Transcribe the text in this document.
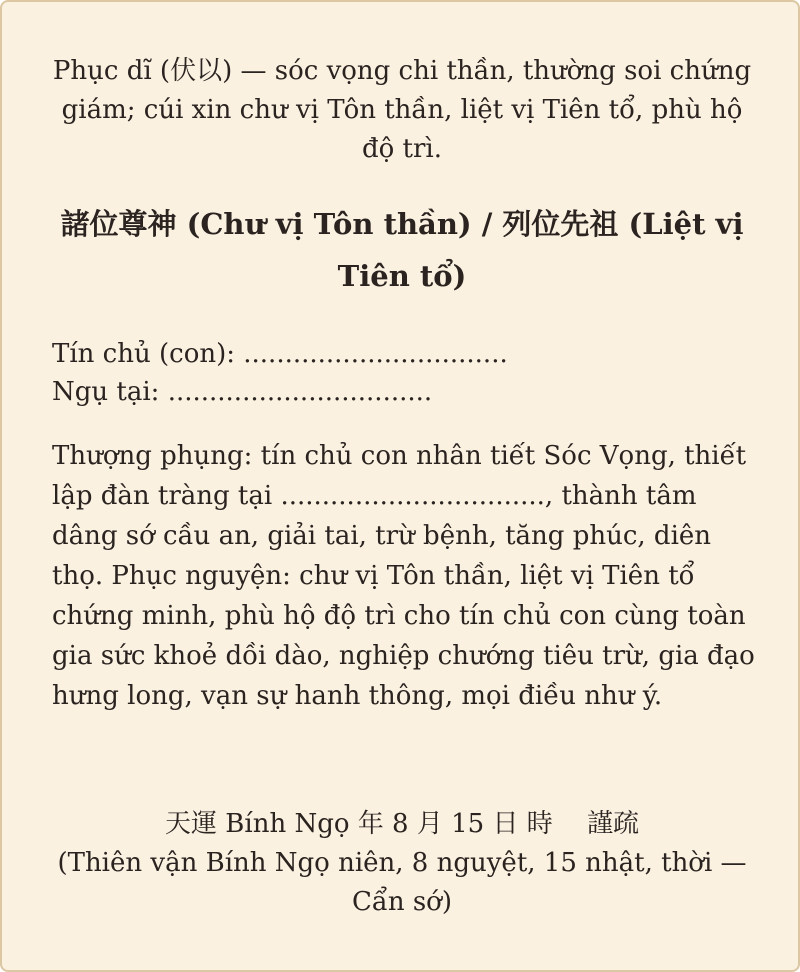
Phục dĩ (伏以) — sóc vọng chi thần, thường soi chứng giám; cúi xin chư vị Tôn thần, liệt vị Tiên tổ, phù hộ độ trì.
諸位尊神 (Chư vị Tôn thần) / 列位先祖 (Liệt vị Tiên tổ)
Tín chủ (con): ................................
Ngụ tại: ................................
Thượng phụng: tín chủ con nhân tiết Sóc Vọng, thiết lập đàn tràng tại ................................, thành tâm dâng sớ cầu an, giải tai, trừ bệnh, tăng phúc, diên thọ. Phục nguyện: chư vị Tôn thần, liệt vị Tiên tổ chứng minh, phù hộ độ trì cho tín chủ con cùng toàn gia sức khoẻ dồi dào, nghiệp chướng tiêu trừ, gia đạo hưng long, vạn sự hanh thông, mọi điều như ý.
天運 Bính Ngọ 年 8 月 15 日 時 　謹疏
(Thiên vận Bính Ngọ niên, 8 nguyệt, 15 nhật, thời — Cẩn sớ)
